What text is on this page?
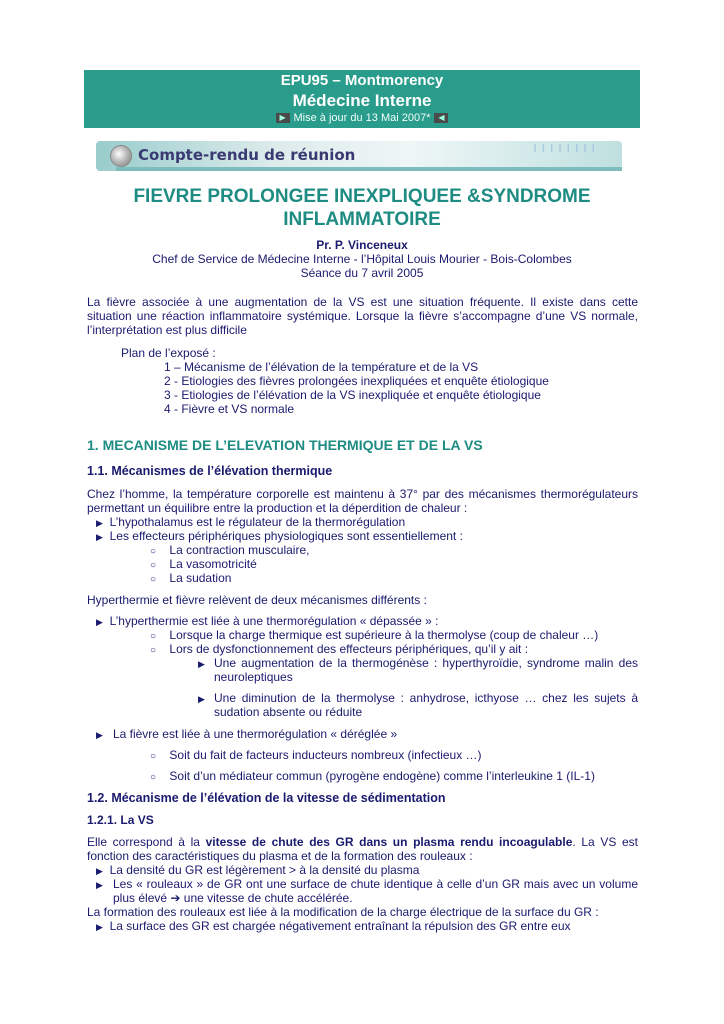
EPU95 – Montmorency
Médecine Interne
▶ Mise à jour du 13 Mai 2007* ◀
Compte-rendu de réunion	⁞⁞⁞⁞⁞⁞⁞⁞
FIEVRE PROLONGEE INEXPLIQUEE &SYNDROME
INFLAMMATOIRE
Pr. P. Vinceneux
Chef de Service de Médecine Interne - l’Hôpital Louis Mourier - Bois-Colombes
Séance du 7 avril 2005
La fièvre associée à une augmentation de la VS est une situation fréquente. Il existe dans cette situation une réaction inflammatoire systémique. Lorsque la fièvre s’accompagne d’une VS normale, l’interprétation est plus difficile
Plan de l’exposé :
1 – Mécanisme de l’élévation de la température et de la VS
2 - Etiologies des fièvres prolongées inexpliquées et enquête étiologique
3 - Etiologies de l’élévation de la VS inexpliquée et enquête étiologique
4 - Fièvre et VS normale
1. MECANISME DE L’ELEVATION THERMIQUE ET DE LA VS
1.1. Mécanismes de l’élévation thermique
Chez l’homme, la température corporelle est maintenu à 37° par des mécanismes thermorégulateurs permettant un équilibre entre la production et la déperdition de chaleur :
▶ L’hypothalamus est le régulateur de la thermorégulation
▶ Les effecteurs périphériques physiologiques sont essentiellement :
○ La contraction musculaire,
○ La vasomotricité
○ La sudation
Hyperthermie et fièvre relèvent de deux mécanismes différents :
▶ L’hyperthermie est liée à une thermorégulation « dépassée » :
○ Lorsque la charge thermique est supérieure à la thermolyse (coup de chaleur …)
○ Lors de dysfonctionnement des effecteurs périphériques, qu’il y ait :
▶ Une augmentation de la thermogénèse : hyperthyroïdie, syndrome malin des neuroleptiques
▶ Une diminution de la thermolyse : anhydrose, icthyose … chez les sujets à sudation absente ou réduite
▶ La fièvre est liée à une thermorégulation « déréglée »
○ Soit du fait de facteurs inducteurs nombreux (infectieux …)
○ Soit d’un médiateur commun (pyrogène endogène) comme l’interleukine 1 (IL-1)
1.2. Mécanisme de l’élévation de la vitesse de sédimentation
1.2.1. La VS
Elle correspond à la vitesse de chute des GR dans un plasma rendu incoagulable. La VS est fonction des caractéristiques du plasma et de la formation des rouleaux :
▶ La densité du GR est légèrement > à la densité du plasma
▶ Les « rouleaux » de GR ont une surface de chute identique à celle d’un GR mais avec un volume plus élevé ➔ une vitesse de chute accélérée.
La formation des rouleaux est liée à la modification de la charge électrique de la surface du GR :
▶ La surface des GR est chargée négativement entraînant la répulsion des GR entre eux
